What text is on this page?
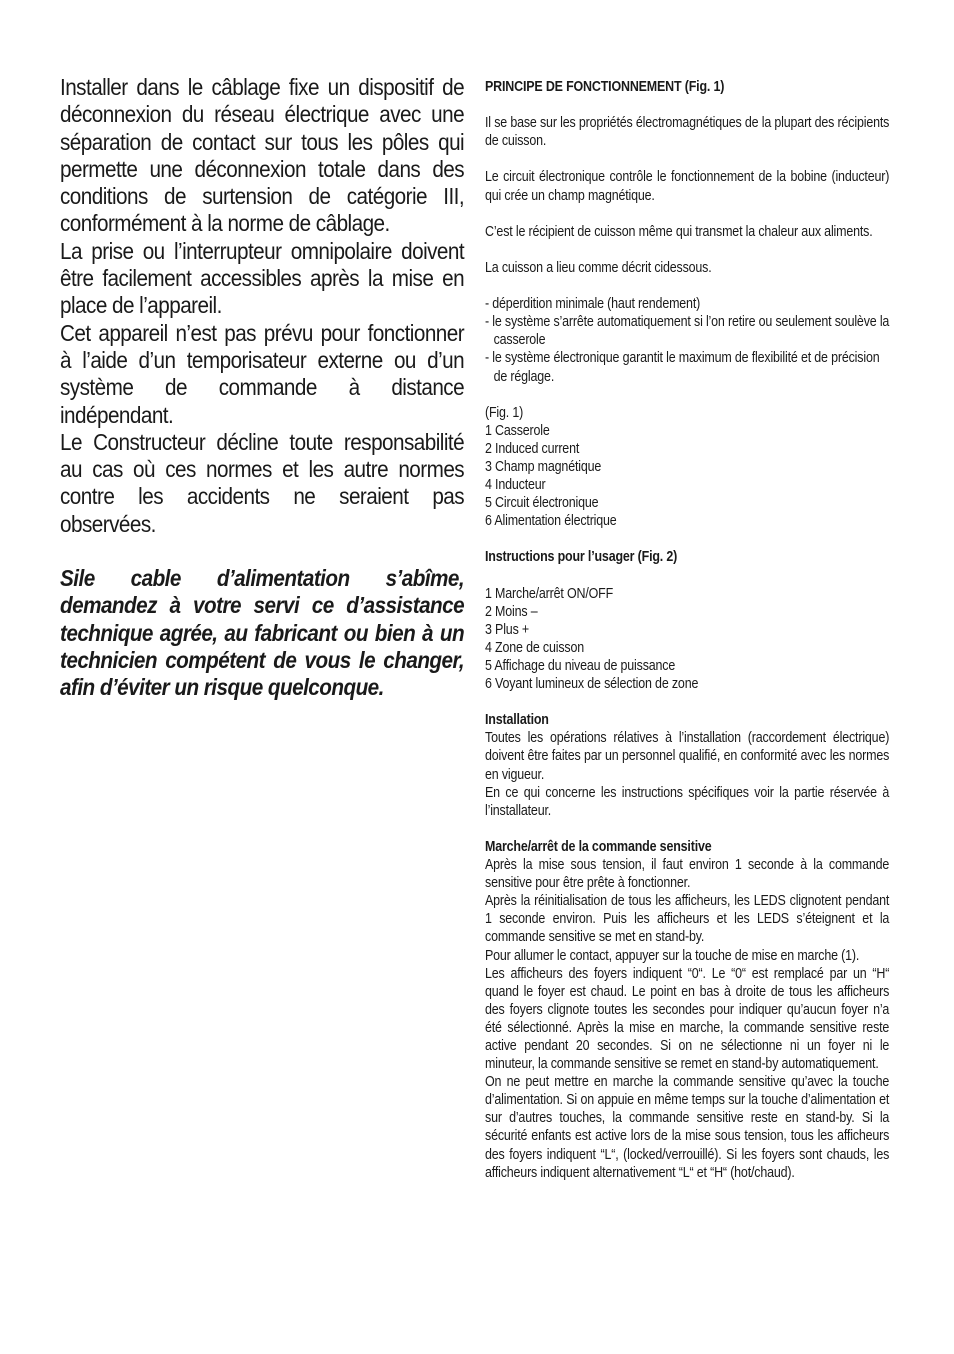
Installer dans le câblage fixe un dispositif de déconnexion du réseau électrique avec une séparation de contact sur tous les pôles qui permette une déconnexion totale dans des conditions de surtension de catégorie III, conformément à la norme de câblage.

La prise ou l’interrupteur omnipolaire doivent être facilement accessibles après la mise en place de l’appareil.

Cet appareil n’est pas prévu pour fonctionner à l’aide d’un temporisateur externe ou d’un système de commande à distance indépendant.

Le Constructeur décline toute responsabilité au cas où ces normes et les autre normes contre les accidents ne seraient pas observées.

Sile cable d’alimentation s’abîme, demandez à votre servi ce d’assistance technique agrée, au fabricant ou bien à un technicien compétent de vous le changer, afin d’éviter un risque quelconque.

PRINCIPE DE FONCTIONNEMENT (Fig. 1)

Il se base sur les propriétés électromagnétiques de la plupart des récipients de cuisson.

Le circuit électronique contrôle le fonctionnement de la bobine (inducteur) qui crée un champ magnétique.

C’est le récipient de cuisson même qui transmet la chaleur aux aliments.

La cuisson a lieu comme décrit cidessous.

- déperdition minimale (haut rendement)
- le système s’arrête automatiquement si l’on retire ou seulement soulève la casserole
- le système électronique garantit le maximum de flexibilité et de précision de réglage.

(Fig. 1)

1 Casserole
2 Induced current
3 Champ magnétique
4 Inducteur
5 Circuit électronique
6 Alimentation électrique

Instructions pour l’usager (Fig. 2)

1 Marche/arrêt ON/OFF
2 Moins –
3 Plus +
4 Zone de cuisson
5 Affichage du niveau de puissance
6 Voyant lumineux de sélection de zone

Installation

Toutes les opérations rélatives à l’installation (raccordement électrique) doivent être faites par un personnel qualifié, en conformité avec les normes en vigueur.

En ce qui concerne les instructions spécifiques voir la partie réservée à l’installateur.

Marche/arrêt de la commande sensitive

Après la mise sous tension, il faut environ 1 seconde à la commande sensitive pour être prête à fonctionner.

Après la réinitialisation de tous les afficheurs, les LEDS clignotent pendant 1 seconde environ. Puis les afficheurs et les LEDS s’éteignent et la commande sensitive se met en stand-by.

Pour allumer le contact, appuyer sur la touche de mise en marche (1).

Les afficheurs des foyers indiquent “0“. Le “0“ est remplacé par un “H“ quand le foyer est chaud. Le point en bas à droite de tous les afficheurs des foyers clignote toutes les secondes pour indiquer qu’aucun foyer n’a été sélectionné. Après la mise en marche, la commande sensitive reste active pendant 20 secondes. Si on ne sélectionne ni un foyer ni le minuteur, la commande sensitive se remet en stand-by automatiquement.

On ne peut mettre en marche la commande sensitive qu’avec la touche d’alimentation. Si on appuie en même temps sur la touche d’alimentation et sur d’autres touches, la commande sensitive reste en stand-by. Si la sécurité enfants est active lors de la mise sous tension, tous les afficheurs des foyers indiquent “L“, (locked/verrouillé). Si les foyers sont chauds, les afficheurs indiquent alternativement “L“ et “H“ (hot/chaud).
